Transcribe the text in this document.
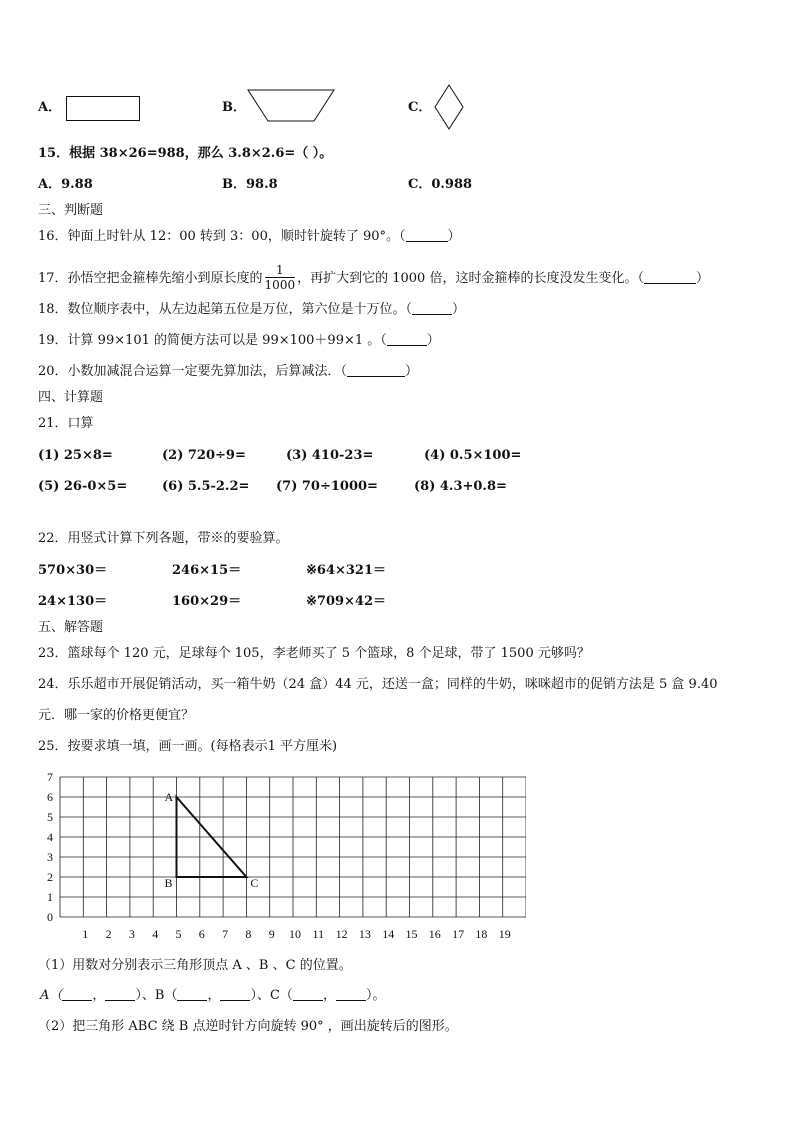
A．	B．	C．
15．根据 38×26=988，那么 3.8×2.6=（ ）。
A．9.88	B．98.8	C．0.988
三、判断题
16．钟面上时针从 12：00 转到 3：00，顺时针旋转了 90°。（	）
17．孙悟空把金箍棒先缩小到原长度的 $\frac{1}{1000}$ ，再扩大到它的 1000 倍，这时金箍棒的长度没发生变化。（	）
18．数位顺序表中，从左边起第五位是万位，第六位是十万位。（	）
19．计算 99×101 的简便方法可以是 99×100＋99×1 。（	）
20．小数加减混合运算一定要先算加法，后算减法．（	）
四、计算题
21．口算
(1) 25×8=	(2) 720÷9=	(3) 410-23=	(4) 0.5×100=
(5) 26-0×5=	(6) 5.5-2.2= (7) 70÷1000=	(8) 4.3+0.8=
22．用竖式计算下列各题，带※的要验算。
570×30＝	246×15＝	※64×321＝
24×130＝	160×29＝	※709×42＝
五、解答题
23．篮球每个 120 元，足球每个 105，李老师买了 5 个篮球，8 个足球，带了 1500 元够吗？
24．乐乐超市开展促销活动，买一箱牛奶（24 盒）44 元，还送一盒；同样的牛奶，咪咪超市的促销方法是 5 盒 9.40
元．哪一家的价格更便宜？
25．按要求填一填，画一画。(每格表示1 平方厘米)
1 2 3 4 5 6 7 8 9 10 11 12 13 14 15 16 17 18 19
0
1
2
3
4
5
6
7
A
B	C
（1）用数对分别表示三角形顶点 A 、B 、C 的位置。
A（ ， ）、B（ ， ）、C（ ， ）。
（2）把三角形 ABC 绕 B 点逆时针方向旋转 90° ，画出旋转后的图形。
